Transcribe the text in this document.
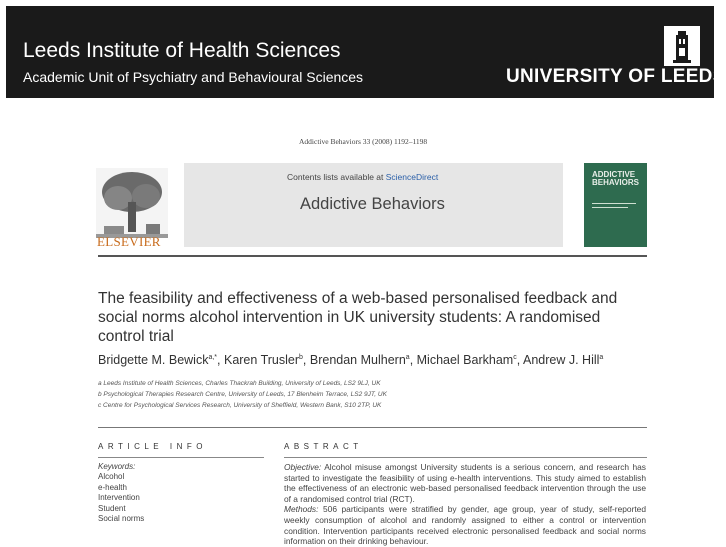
Leeds Institute of Health Sciences
Academic Unit of Psychiatry and Behavioural Sciences	UNIVERSITY OF LEEDS
Addictive Behaviors 33 (2008) 1192–1198
ELSEVIER
Contents lists available at ScienceDirect
Addictive Behaviors
ADDICTIVE BEHAVIORS
The feasibility and effectiveness of a web-based personalised feedback and social norms alcohol intervention in UK university students: A randomised control trial
Bridgette M. Bewick$^{a,*}$, Karen Trusler$^b$, Brendan Mulhern$^a$, Michael Barkham$^c$, Andrew J. Hill$^a$
a Leeds Institute of Health Sciences, Charles Thackrah Building, University of Leeds, LS2 9LJ, UK
b Psychological Therapies Research Centre, University of Leeds, 17 Blenheim Terrace, LS2 9JT, UK
c Centre for Psychological Services Research, University of Sheffield, Western Bank, S10 2TP, UK
ARTICLE INFO	ABSTRACT
Keywords:
Alcohol
e-health
Intervention
Student
Social norms

Objective: Alcohol misuse amongst University students is a serious concern, and research has started to investigate the feasibility of using e-health interventions. This study aimed to establish the effectiveness of an electronic web-based personalised feedback intervention through the use of a randomised control trial (RCT).

Methods: 506 participants were stratified by gender, age group, year of study, self-reported weekly consumption of alcohol and randomly assigned to either a control or intervention condition. Intervention participants received electronic personalised feedback and social norms information on their drinking behaviour.
